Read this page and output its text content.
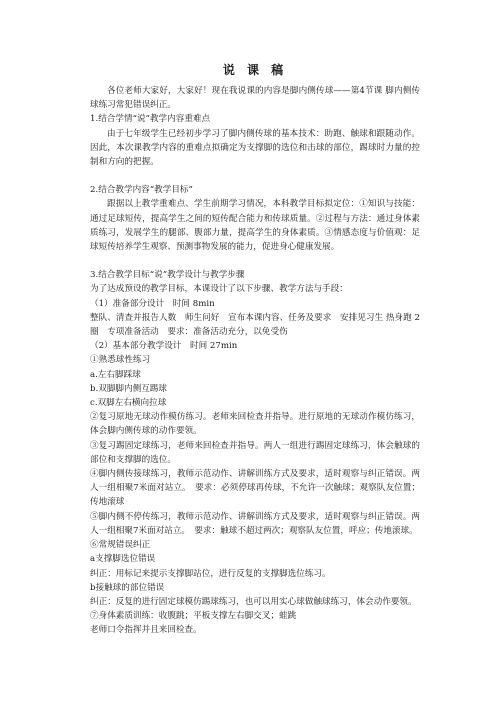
说 课 稿

各位老师大家好，大家好！现在我说课的内容是脚内侧传球——第4节课 脚内侧传球练习常犯错误纠正。

1.结合学情“说”教学内容重难点

由于七年级学生已经初步学习了脚内侧传球的基本技术：助跑、触球和跟随动作。因此，本次课教学内容的重难点拟确定为支撑脚的选位和击球的部位，踢球时力量的控制和方向的把握。

2.结合教学内容“教学目标”

跟据以上教学重难点、学生前期学习情况，本科教学目标拟定位：①知识与技能：通过足球短传，提高学生之间的短传配合能力和传球质量。②过程与方法：通过身体素质练习，发展学生的腿部、腹部力量，提高学生的身体素质。③情感态度与价值观：足球短传培养学生观察、预测事物发展的能力，促进身心健康发展。

3.结合教学目标“说”教学设计与教学步骤

为了达成预设的教学目标，本课设计了以下步骤、教学方法与手段：

（1）准备部分设计　时间 8min

整队、清查并报告人数　师生问好　宣布本课内容、任务及要求　安排见习生 热身跑 2圈　专项准备活动　要求：准备活动充分，以免受伤

（2）基本部分教学设计　时间 27min

①熟悉球性练习

a.左右脚踩球

b.双脚脚内侧互踢球

c.双脚左右横向拉球

②复习原地无球动作模仿练习。老师来回检查并指导。进行原地的无球动作模仿练习，体会脚内侧传球的动作要领。

③复习踢固定球练习，老师来回检查并指导。两人一组进行踢固定球练习，体会触球的部位和支撑脚的选位。

④脚内侧传接球练习，教师示范动作、讲解训练方式及要求，适时观察与纠正错误。两人一组相聚7米面对站立。　要求：必须停球再传球，不允许一次触球；观察队友位置；传地滚球

⑤脚内侧不停传练习，教师示范动作、讲解训练方式及要求，适时观察与纠正错误。两人一组相聚7米面对站立。　要求：触球不超过两次；观察队友位置，呼应；传地滚球。

⑥常规错误纠正

a支撑脚选位错误

纠正：用标记来提示支撑脚站位，进行反复的支撑脚选位练习。

b接触球的部位错误

纠正：反复的进行固定球模仿踢球练习，也可以用实心球做触球练习，体会动作要领。

⑦身体素质训练：收腹跳；平板支撑左右脚交叉；蛙跳

老师口令指挥并且来回检查。
